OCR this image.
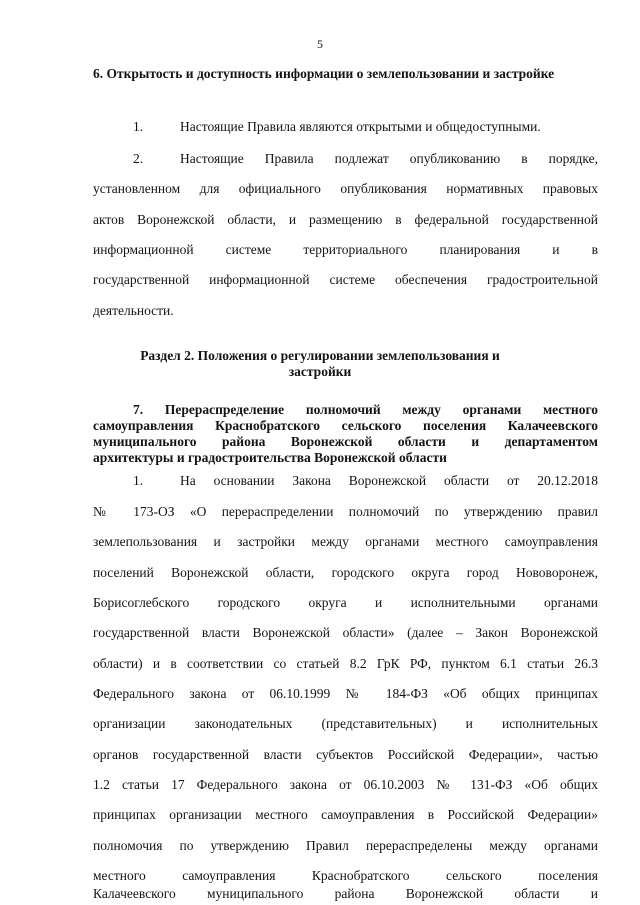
5

6. Открытость и доступность информации о землепользовании и застройке

1.	Настоящие Правила являются открытыми и общедоступными.
2.	Настоящие Правила подлежат опубликованию в порядке,
установленном для официального опубликования нормативных правовых
актов Воронежской области, и размещению в федеральной государственной
информационной системе территориального планирования и в
государственной информационной системе обеспечения градостроительной
деятельности.

Раздел 2. Положения о регулировании землепользования и

застройки

7. Перераспределение полномочий между органами местного

самоуправления Краснобратского сельского поселения Калачеевского

муниципального района Воронежской области и департаментом

архитектуры и градостроительства Воронежской области

1.	На основании Закона Воронежской области от 20.12.2018
№ 173-ОЗ «О перераспределении полномочий по утверждению правил
землепользования и застройки между органами местного самоуправления
поселений Воронежской области, городского округа город Нововоронеж,
Борисоглебского городского округа и исполнительными органами
государственной власти Воронежской области» (далее – Закон Воронежской
области) и в соответствии со статьей 8.2 ГрК РФ, пунктом 6.1 статьи 26.3
Федерального закона от 06.10.1999 № 184-ФЗ «Об общих принципах
организации законодательных (представительных) и исполнительных
органов государственной власти субъектов Российской Федерации», частью
1.2 статьи 17 Федерального закона от 06.10.2003 № 131-ФЗ «Об общих
принципах организации местного самоуправления в Российской Федерации»
полномочия по утверждению Правил перераспределены между органами
местного самоуправления Краснобратского сельского поселения
Калачеевского муниципального района Воронежской области и
